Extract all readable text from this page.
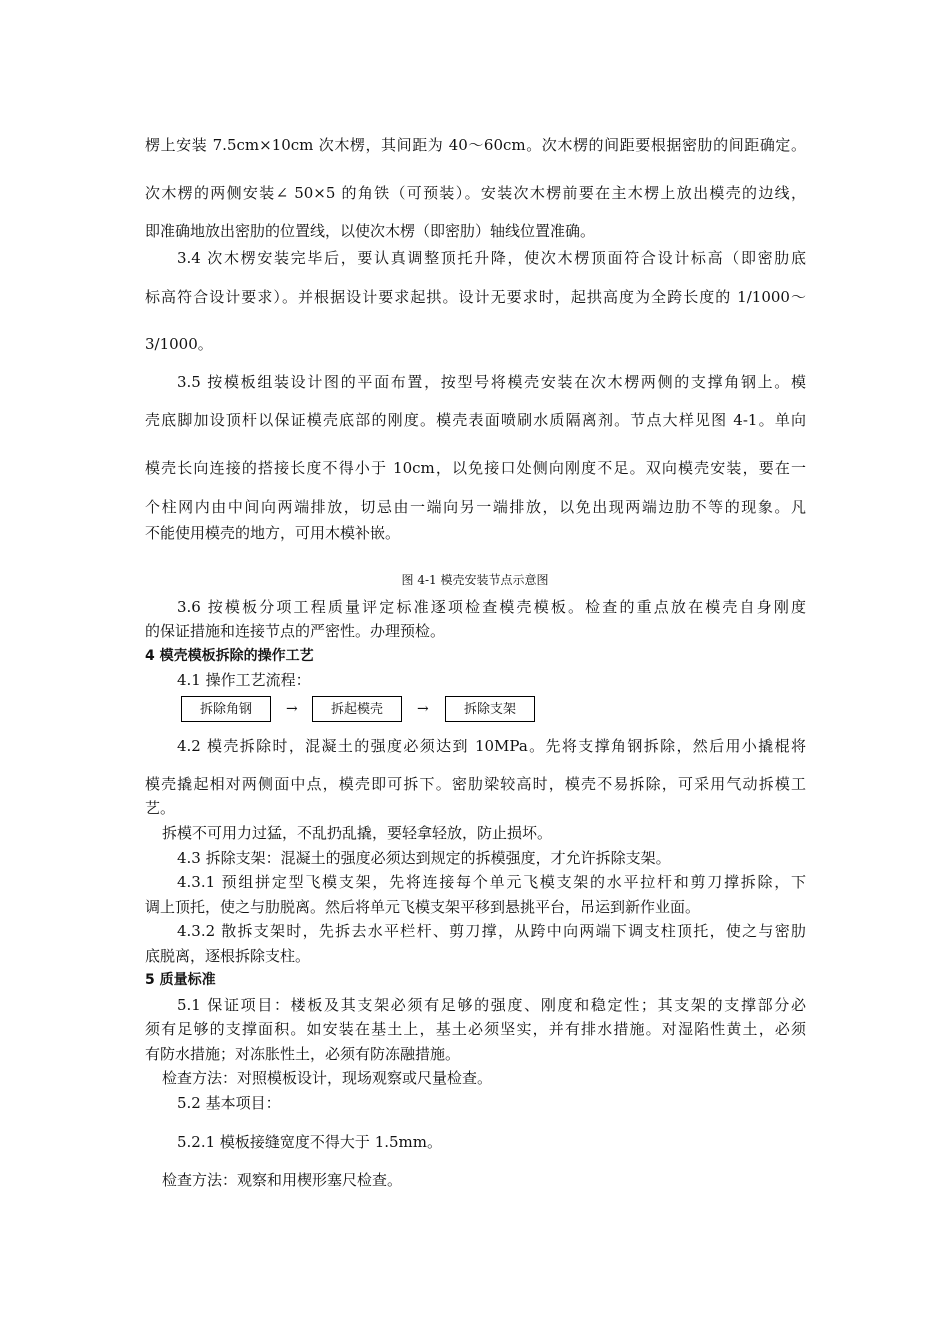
楞上安装 7.5cm×10cm 次木楞，其间距为 40～60cm。次木楞的间距要根据密肋的间距确定。
次木楞的两侧安装∠ 50×5 的角铁（可预装）。安装次木楞前要在主木楞上放出模壳的边线，
即准确地放出密肋的位置线，以使次木楞（即密肋）轴线位置准确。
3.4 次木楞安装完毕后，要认真调整顶托升降，使次木楞顶面符合设计标高（即密肋底
标高符合设计要求）。并根据设计要求起拱。设计无要求时，起拱高度为全跨长度的 1/1000～
3/1000。
3.5 按模板组装设计图的平面布置，按型号将模壳安装在次木楞两侧的支撑角钢上。模
壳底脚加设顶杆以保证模壳底部的刚度。模壳表面喷刷水质隔离剂。节点大样见图 4-1。单向
模壳长向连接的搭接长度不得小于 10cm，以免接口处侧向刚度不足。双向模壳安装，要在一
个柱网内由中间向两端排放，切忌由一端向另一端排放，以免出现两端边肋不等的现象。凡
不能使用模壳的地方，可用木模补嵌。
图 4-1 模壳安装节点示意图
3.6 按模板分项工程质量评定标准逐项检查模壳模板。检查的重点放在模壳自身刚度
的保证措施和连接节点的严密性。办理预检。
4 模壳模板拆除的操作工艺
4.1 操作工艺流程：
拆除角钢	→	拆起模壳	→	拆除支架
4.2 模壳拆除时，混凝土的强度必须达到 10MPa。先将支撑角钢拆除，然后用小撬棍将
模壳撬起相对两侧面中点，模壳即可拆下。密肋梁较高时，模壳不易拆除，可采用气动拆模工
艺。
拆模不可用力过猛，不乱扔乱撬，要轻拿轻放，防止损坏。
4.3 拆除支架：混凝土的强度必须达到规定的拆模强度，才允许拆除支架。
4.3.1 预组拼定型飞模支架，先将连接每个单元飞模支架的水平拉杆和剪刀撑拆除，下
调上顶托，使之与肋脱离。然后将单元飞模支架平移到悬挑平台，吊运到新作业面。
4.3.2 散拆支架时，先拆去水平栏杆、剪刀撑，从跨中向两端下调支柱顶托，使之与密肋
底脱离，逐根拆除支柱。
5 质量标准
5.1 保证项目：楼板及其支架必须有足够的强度、刚度和稳定性；其支架的支撑部分必
须有足够的支撑面积。如安装在基土上，基土必须坚实，并有排水措施。对湿陷性黄土，必须
有防水措施；对冻胀性土，必须有防冻融措施。
检查方法：对照模板设计，现场观察或尺量检查。
5.2 基本项目：
5.2.1 模板接缝宽度不得大于 1.5mm。
检查方法：观察和用楔形塞尺检查。
